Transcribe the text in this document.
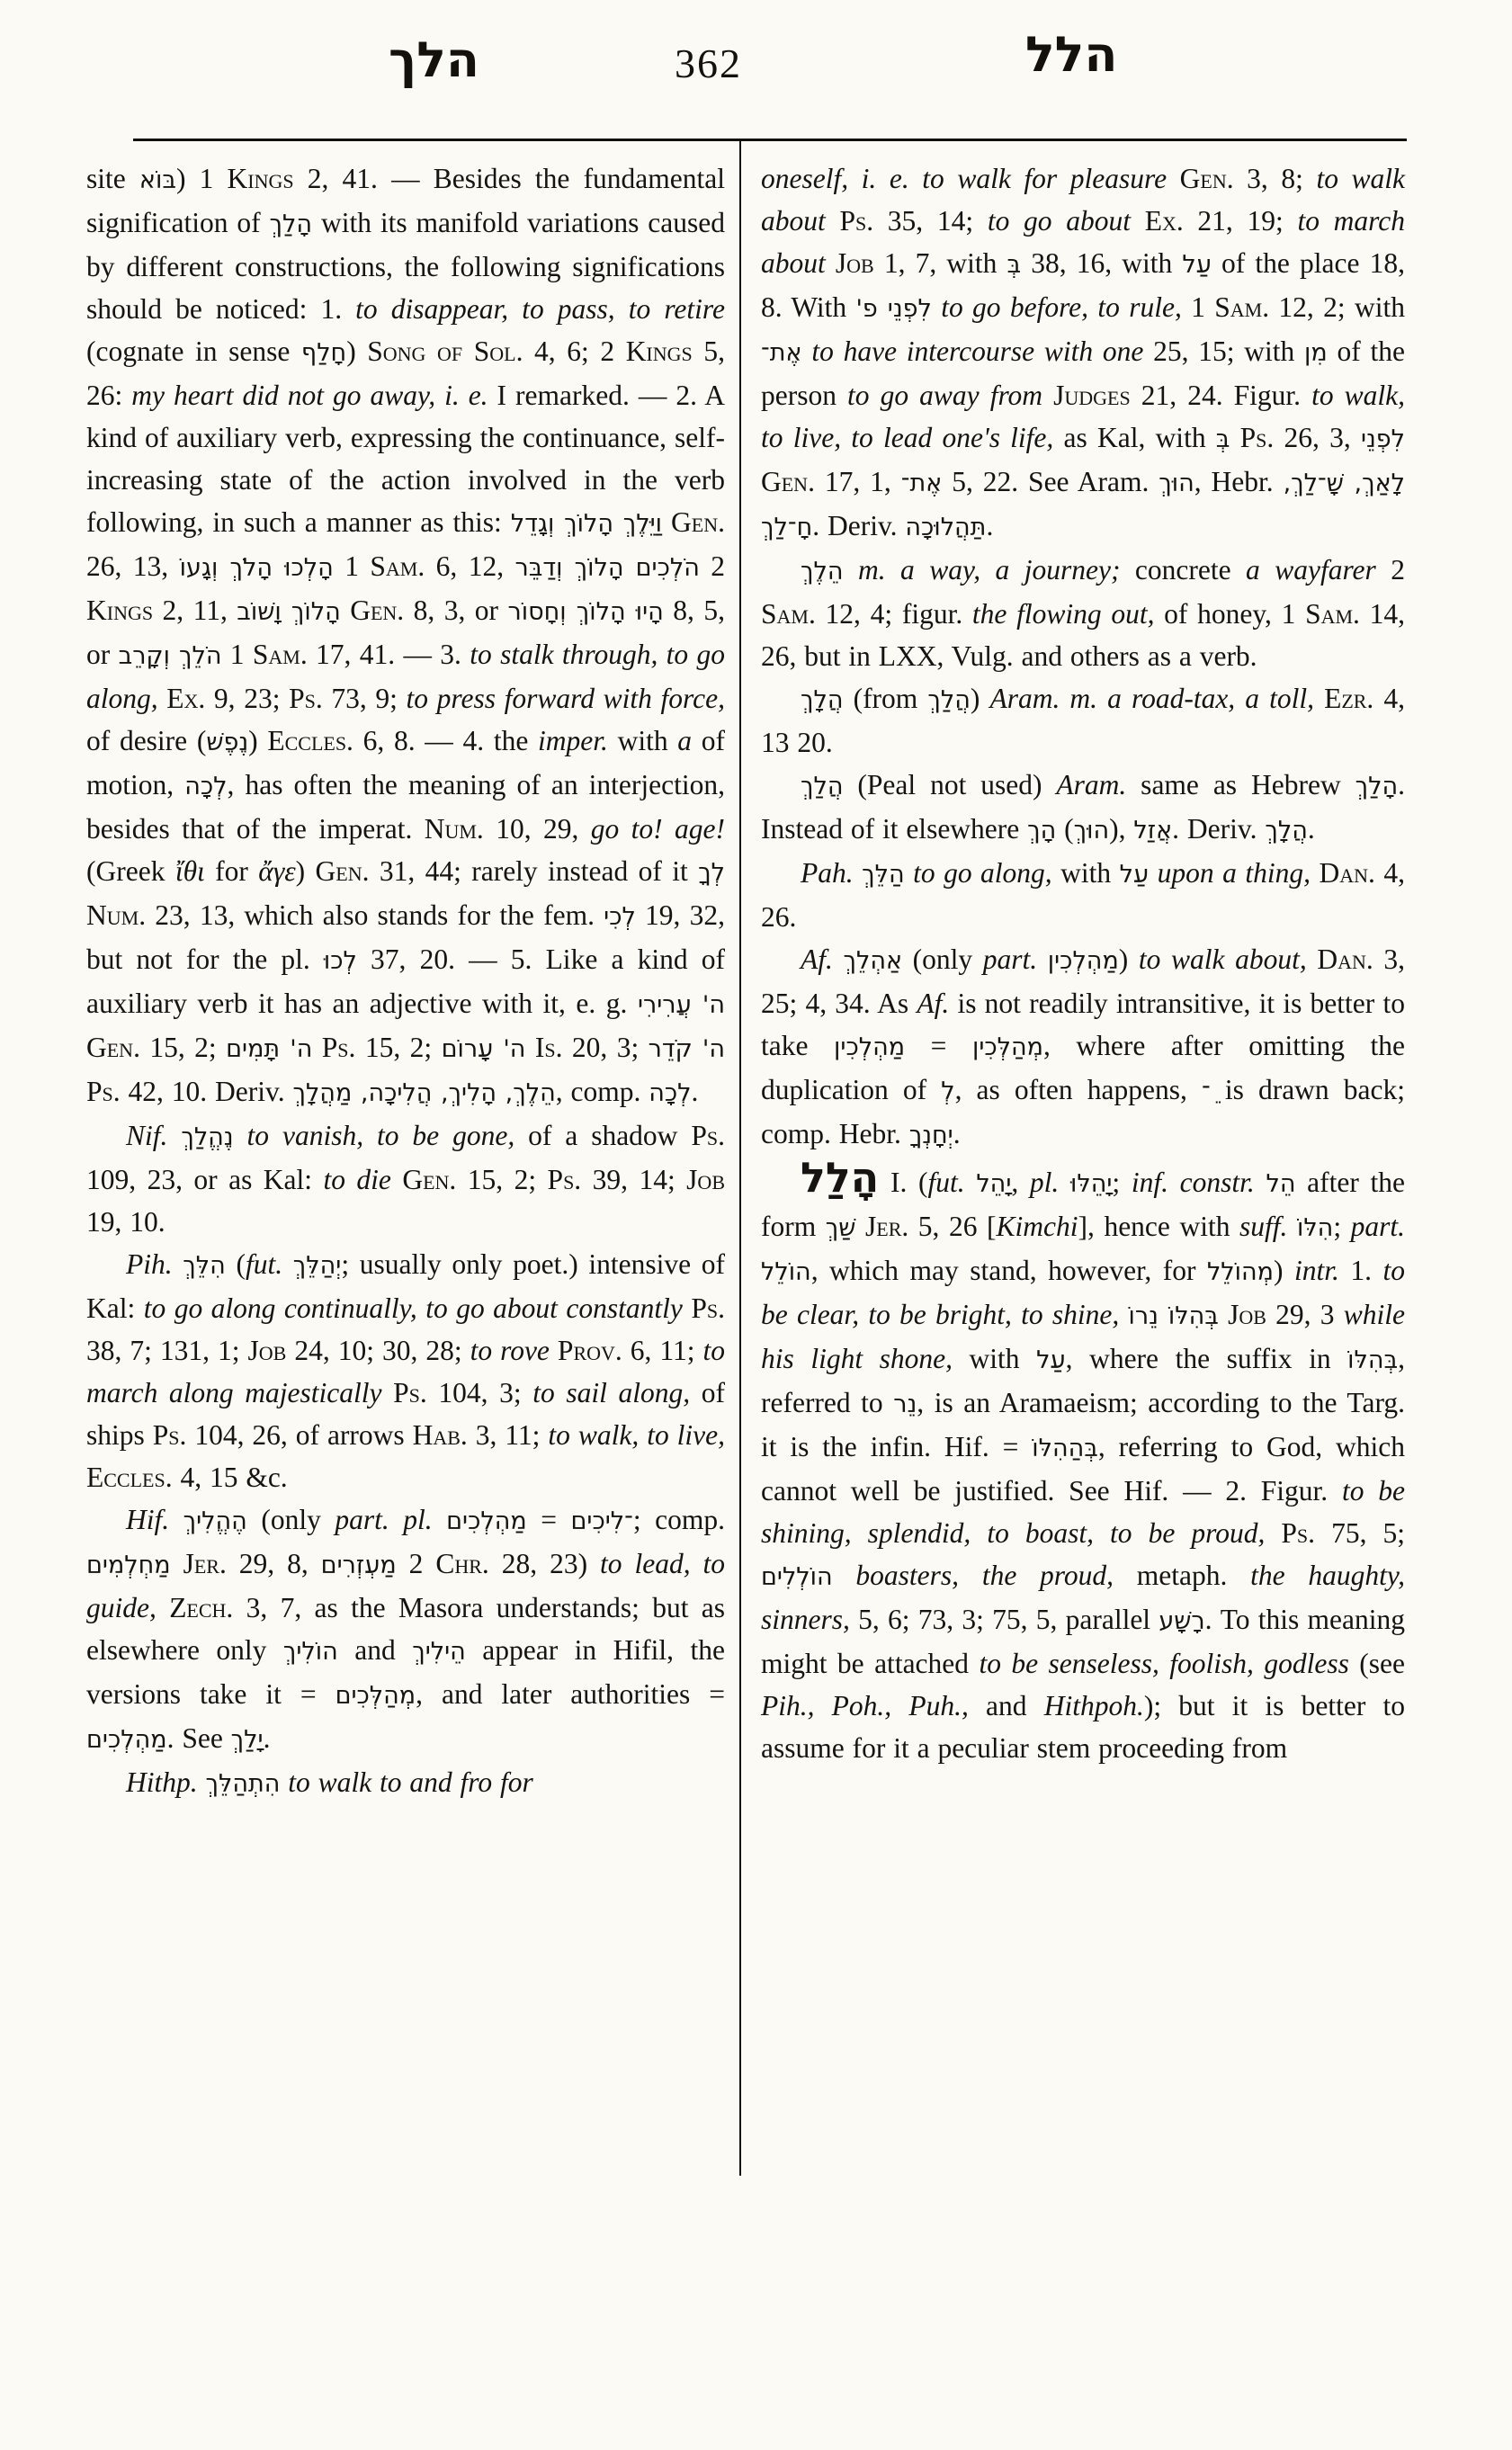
הלך	362	הלל

site בּוֹא) 1 Kings 2, 41. — Besides the fundamental signification of הָלַךְ with its manifold variations caused by different constructions, the following significations should be noticed: 1. to disappear, to pass, to retire (cognate in sense חָלַף) Song of Sol. 4, 6; 2 Kings 5, 26: my heart did not go away, i. e. I remarked. — 2. A kind of auxiliary verb, expressing the continuance, self-increasing state of the action involved in the verb following, in such a manner as this: וַיֵּלֶךְ הָלוֹךְ וְגָדֵל Gen. 26, 13, הָלְכוּ הָלֹךְ וְגָעוֹ 1 Sam. 6, 12, הֹלְכִים הָלוֹךְ וְדַבֵּר 2 Kings 2, 11, הָלוֹךְ וָשׁוֹב Gen. 8, 3, or הָיוּ הָלוֹךְ וְחָסוֹר 8, 5, or הֹלֵךְ וְקָרֵב 1 Sam. 17, 41. — 3. to stalk through, to go along, Ex. 9, 23; Ps. 73, 9; to press forward with force, of desire (נֶפֶשׁ) Eccles. 6, 8. — 4. the imper. with a of motion, לְכָה, has often the meaning of an interjection, besides that of the imperat. Num. 10, 29, go to! age! (Greek ἴθι for ἄγε) Gen. 31, 44; rarely instead of it לְךָ Num. 23, 13, which also stands for the fem. לְכִי 19, 32, but not for the pl. לְכוּ 37, 20. — 5. Like a kind of auxiliary verb it has an adjective with it, e. g. ה' עֲרִירִי Gen. 15, 2; ה' תָּמִים Ps. 15, 2; ה' עָרוֹם Is. 20, 3; ה' קֹדֵר Ps. 42, 10. Deriv. הֵלֶךְ, הָלִיךְ, הֲלִיכָה, מַהֲלָךְ, comp. לְכָה.

Nif. נֶהֱלַךְ to vanish, to be gone, of a shadow Ps. 109, 23, or as Kal: to die Gen. 15, 2; Ps. 39, 14; Job 19, 10.

Pih. הִלֵּךְ (fut. יְהַלֵּךְ; usually only poet.) intensive of Kal: to go along continually, to go about constantly Ps. 38, 7; 131, 1; Job 24, 10; 30, 28; to rove Prov. 6, 11; to march along majestically Ps. 104, 3; to sail along, of ships Ps. 104, 26, of arrows Hab. 3, 11; to walk, to live, Eccles. 4, 15 &c.

Hif. הֶהֱלִיךְ (only part. pl. מַהְלְכִים = ־לִיכִים; comp. מַחְלְמִים Jer. 29, 8, מַעְזְרִים 2 Chr. 28, 23) to lead, to guide, Zech. 3, 7, as the Masora understands; but as elsewhere only הוֹלִיךְ and הֵילִיךְ appear in Hifil, the versions take it = מְהַלְּכִים, and later authorities = מַהְלְכִים. See יָלַךְ.

Hithp. הִתְהַלֵּךְ to walk to and fro for

oneself, i. e. to walk for pleasure Gen. 3, 8; to walk about Ps. 35, 14; to go about Ex. 21, 19; to march about Job 1, 7, with בְּ 38, 16, with עַל of the place 18, 8. With לִפְנֵי פ' to go before, to rule, 1 Sam. 12, 2; with אֶת־ to have intercourse with one 25, 15; with מִן of the person to go away from Judges 21, 24. Figur. to walk, to live, to lead one's life, as Kal, with בְּ Ps. 26, 3, לִפְנֵי Gen. 17, 1, אֶת־ 5, 22. See Aram. הוּךְ, Hebr. לָאַךְ, שָׁ־לַךְ, חָ־לַךְ. Deriv. תַּהֲלוּכָה.

הֵלֶךְ m. a way, a journey; concrete a wayfarer 2 Sam. 12, 4; figur. the flowing out, of honey, 1 Sam. 14, 26, but in LXX, Vulg. and others as a verb.

הֲלָךְ (from הֲלַךְ) Aram. m. a road-tax, a toll, Ezr. 4, 13 20.

הֲלַךְ (Peal not used) Aram. same as Hebrew הָלַךְ. Instead of it elsewhere הָךְ (הוּךְ), אֲזַל. Deriv. הֲלָךְ.

Pah. הַלֵּךְ to go along, with עַל upon a thing, Dan. 4, 26.

Af. אַהְלֵךְ (only part. מַהְלְכִין) to walk about, Dan. 3, 25; 4, 34. As Af. is not readily intransitive, it is better to take מַהְלְכִין = מְהַלְּכִין, where after omitting the duplication of לְ, as often happens, ֵ־ is drawn back; comp. Hebr. יְחָנְךָ.

הָלַל I. (fut. יָהֵל, pl. יָהֵלּוּ; inf. constr. הֵל after the form שַׁךְ Jer. 5, 26 [Kimchi], hence with suff. הִלּוֹ; part. הוֹלֵל, which may stand, however, for מְהוֹלֵל) intr. 1. to be clear, to be bright, to shine, בְּהִלּוֹ נֵרוֹ Job 29, 3 while his light shone, with עַל, where the suffix in בְּהִלּוֹ, referred to נֵר, is an Aramaeism; according to the Targ. it is the infin. Hif. = בְּהַהִלּוֹ, referring to God, which cannot well be justified. See Hif. — 2. Figur. to be shining, splendid, to boast, to be proud, Ps. 75, 5; הוֹלְלִים boasters, the proud, metaph. the haughty, sinners, 5, 6; 73, 3; 75, 5, parallel רָשָׁע. To this meaning might be attached to be senseless, foolish, godless (see Pih., Poh., Puh., and Hithpoh.); but it is better to assume for it a peculiar stem proceeding from
